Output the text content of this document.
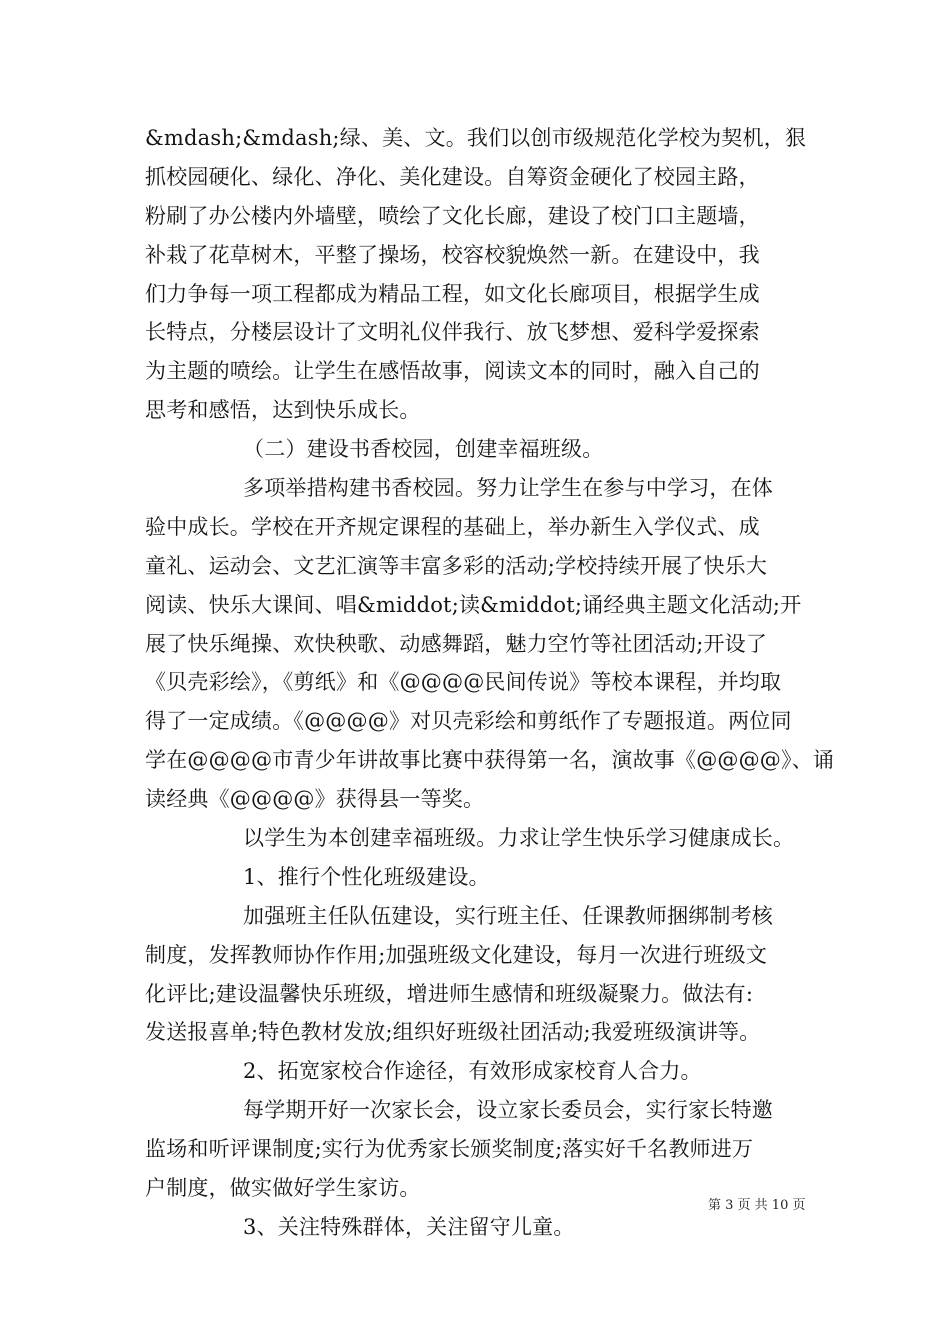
&mdash;&mdash;绿、美、文。我们以创市级规范化学校为契机，狠
抓校园硬化、绿化、净化、美化建设。自筹资金硬化了校园主路，
粉刷了办公楼内外墙壁，喷绘了文化长廊，建设了校门口主题墙，
补栽了花草树木，平整了操场，校容校貌焕然一新。在建设中，我
们力争每一项工程都成为精品工程，如文化长廊项目，根据学生成
长特点，分楼层设计了文明礼仪伴我行、放飞梦想、爱科学爱探索
为主题的喷绘。让学生在感悟故事，阅读文本的同时，融入自己的
思考和感悟，达到快乐成长。
（二）建设书香校园，创建幸福班级。
多项举措构建书香校园。努力让学生在参与中学习，在体
验中成长。学校在开齐规定课程的基础上，举办新生入学仪式、成
童礼、运动会、文艺汇演等丰富多彩的活动;学校持续开展了快乐大
阅读、快乐大课间、唱&middot;读&middot;诵经典主题文化活动;开
展了快乐绳操、欢快秧歌、动感舞蹈，魅力空竹等社团活动;开设了
《贝壳彩绘》，《剪纸》和《@@@@民间传说》等校本课程，并均取
得了一定成绩。《@@@@》对贝壳彩绘和剪纸作了专题报道。两位同
学在@@@@市青少年讲故事比赛中获得第一名，演故事《@@@@》、诵
读经典《@@@@》获得县一等奖。
以学生为本创建幸福班级。力求让学生快乐学习健康成长。
1、推行个性化班级建设。
加强班主任队伍建设，实行班主任、任课教师捆绑制考核
制度，发挥教师协作作用;加强班级文化建设，每月一次进行班级文
化评比;建设温馨快乐班级，增进师生感情和班级凝聚力。做法有:
发送报喜单;特色教材发放;组织好班级社团活动;我爱班级演讲等。
2、拓宽家校合作途径，有效形成家校育人合力。
每学期开好一次家长会，设立家长委员会，实行家长特邀
监场和听评课制度;实行为优秀家长颁奖制度;落实好千名教师进万
户制度，做实做好学生家访。
3、关注特殊群体，关注留守儿童。
第 3 页 共 10 页
